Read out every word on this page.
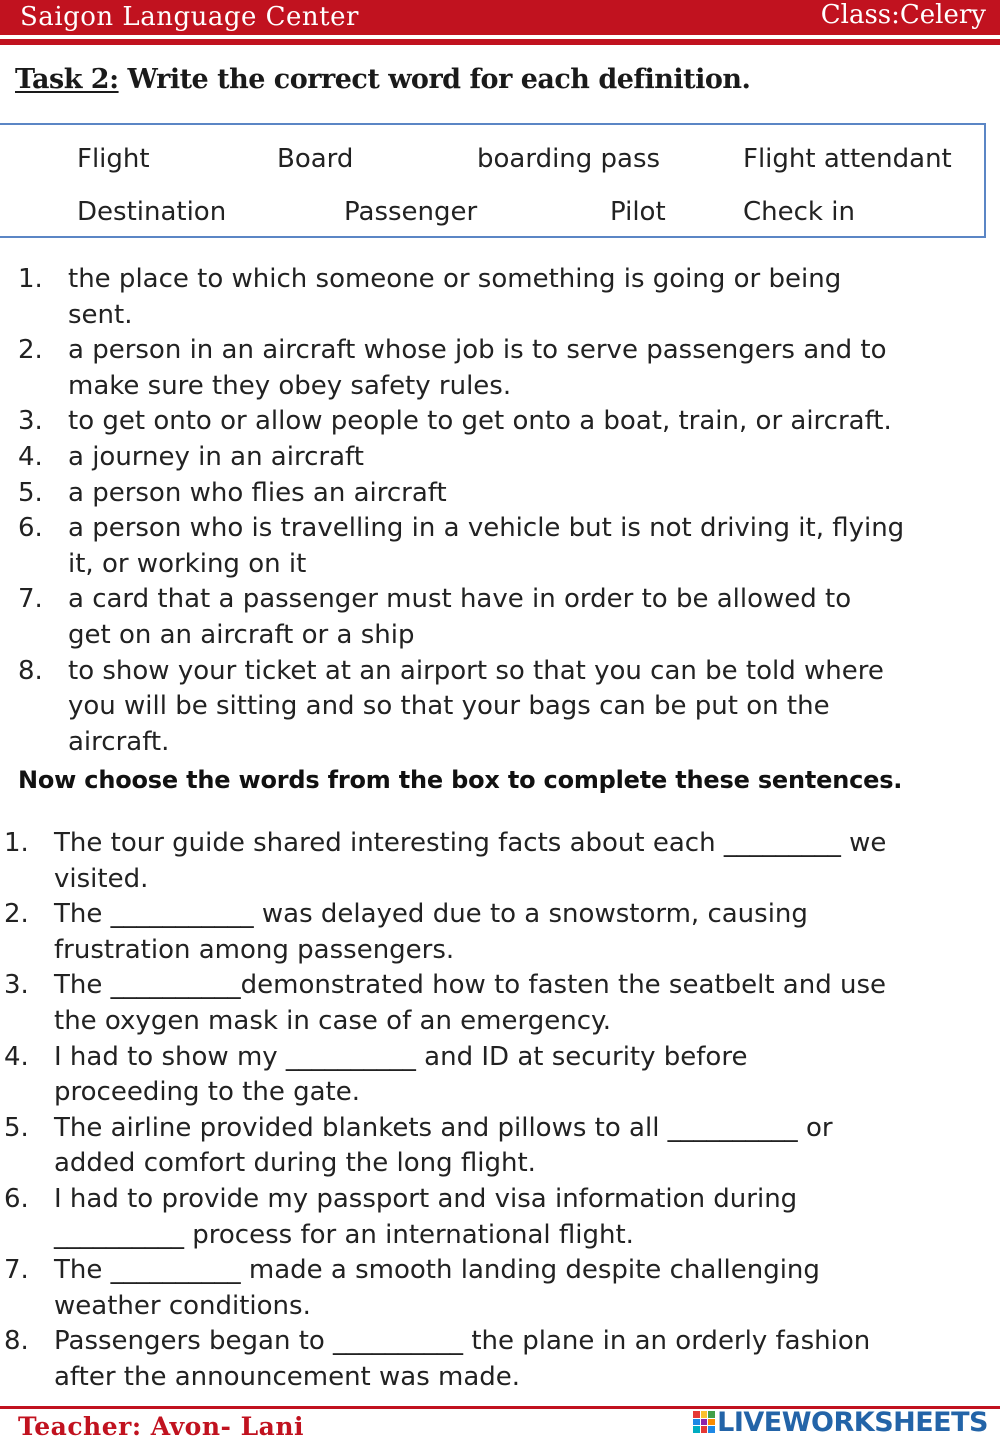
Saigon Language Center	Class:Celery
Task 2: Write the correct word for each definition.
Flight	Board	boarding pass	Flight attendant
Destination	Passenger	Pilot	Check in
1. the place to which someone or something is going or being
sent.
2. a person in an aircraft whose job is to serve passengers and to
make sure they obey safety rules.
3. to get onto or allow people to get onto a boat, train, or aircraft.
4. a journey in an aircraft
5. a person who flies an aircraft
6. a person who is travelling in a vehicle but is not driving it, flying
it, or working on it
7. a card that a passenger must have in order to be allowed to
get on an aircraft or a ship
8. to show your ticket at an airport so that you can be told where
you will be sitting and so that your bags can be put on the
aircraft.
Now choose the words from the box to complete these sentences.
1. The tour guide shared interesting facts about each _________ we
visited.
2. The ___________ was delayed due to a snowstorm, causing
frustration among passengers.
3. The __________demonstrated how to fasten the seatbelt and use
the oxygen mask in case of an emergency.
4. I had to show my __________ and ID at security before
proceeding to the gate.
5. The airline provided blankets and pillows to all __________ or
added comfort during the long flight.
6. I had to provide my passport and visa information during
__________ process for an international flight.
7. The __________ made a smooth landing despite challenging
weather conditions.
8. Passengers began to __________ the plane in an orderly fashion
after the announcement was made.
Teacher: Avon- Lani	LIVEWORKSHEETS
